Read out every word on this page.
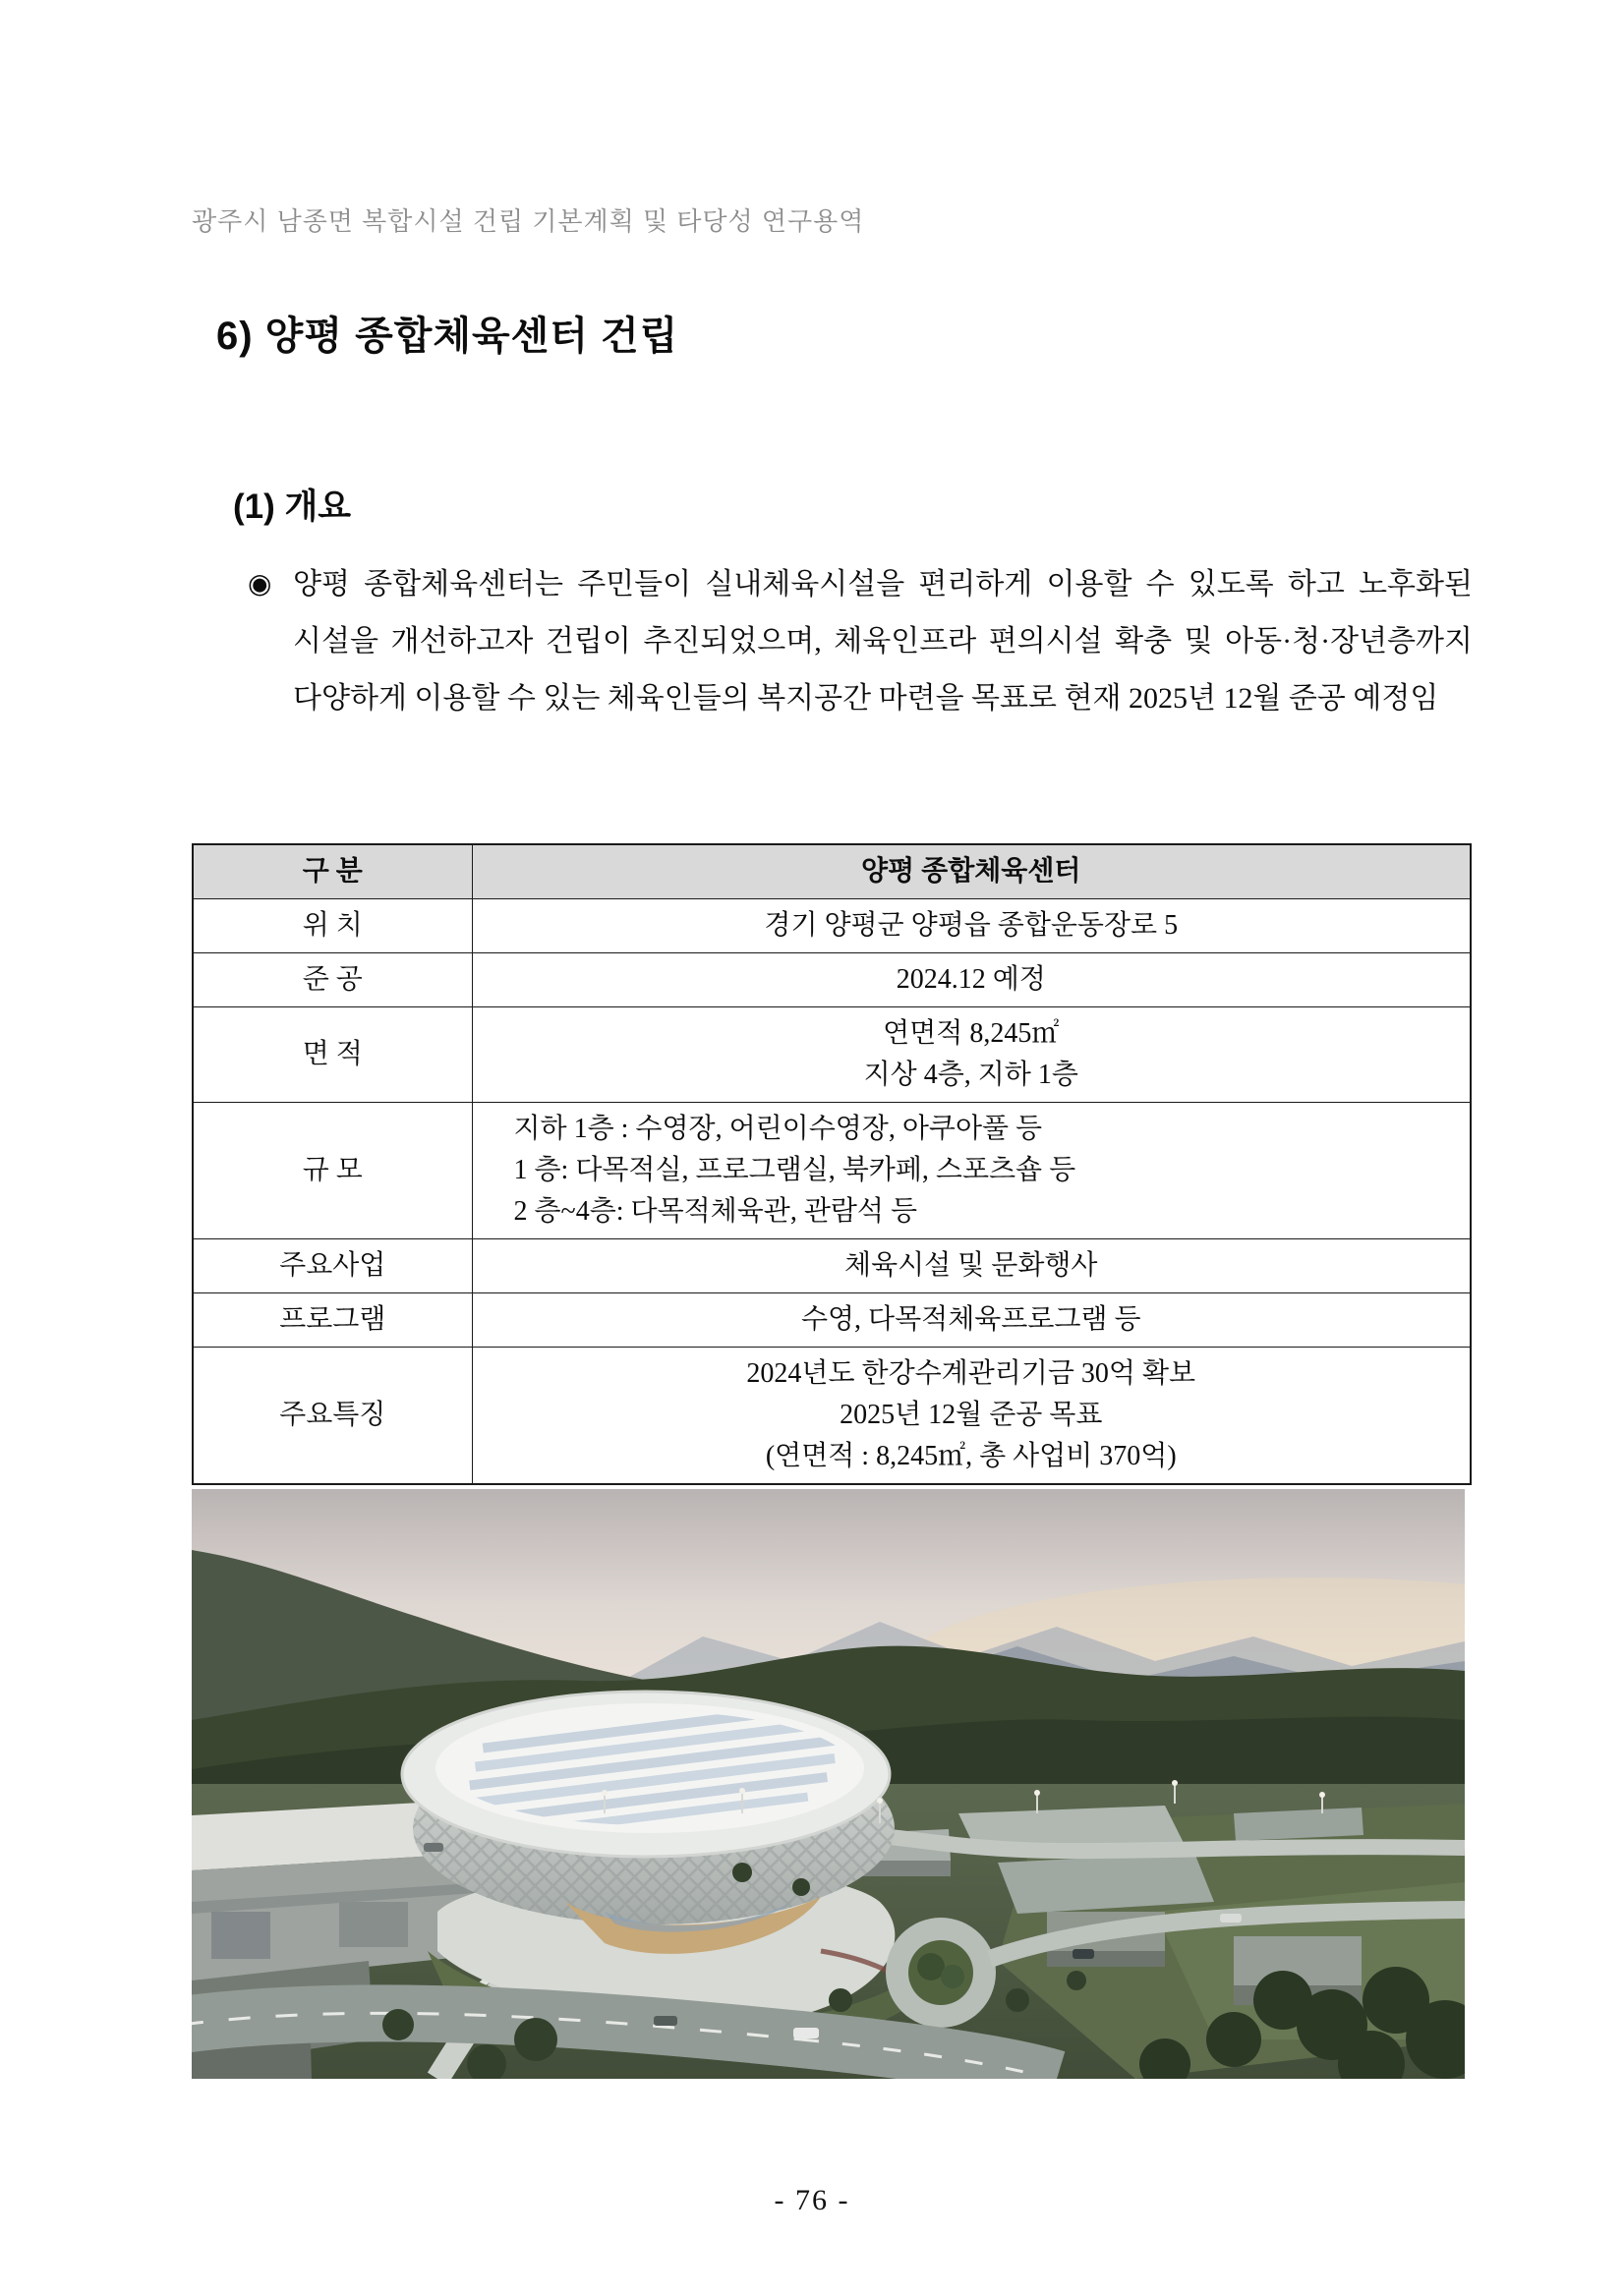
광주시 남종면 복합시설 건립 기본계획 및 타당성 연구용역
6) 양평 종합체육센터 건립
(1) 개요
◉ 양평 종합체육센터는 주민들이 실내체육시설을 편리하게 이용할 수 있도록 하고 노후화된 시설을 개선하고자 건립이 추진되었으며, 체육인프라 편의시설 확충 및 아동·청·장년층까지 다양하게 이용할 수 있는 체육인들의 복지공간 마련을 목표로 현재 2025년 12월 준공 예정임
구 분	양평 종합체육센터
위 치	경기 양평군 양평읍 종합운동장로 5

준 공	2024.12 예정

면 적	연면적 8,245㎡
지상 4층, 지하 1층

규 모	지하 1층 : 수영장, 어린이수영장, 아쿠아풀 등
1 층: 다목적실, 프로그램실, 북카페, 스포츠숍 등
2 층~4층: 다목적체육관, 관람석 등

주요사업	체육시설 및 문화행사

프로그램	수영, 다목적체육프로그램 등

주요특징	2024년도 한강수계관리기금 30억 확보
2025년 12월 준공 목표
(연면적 : 8,245㎡, 총 사업비 370억)
- 76 -
